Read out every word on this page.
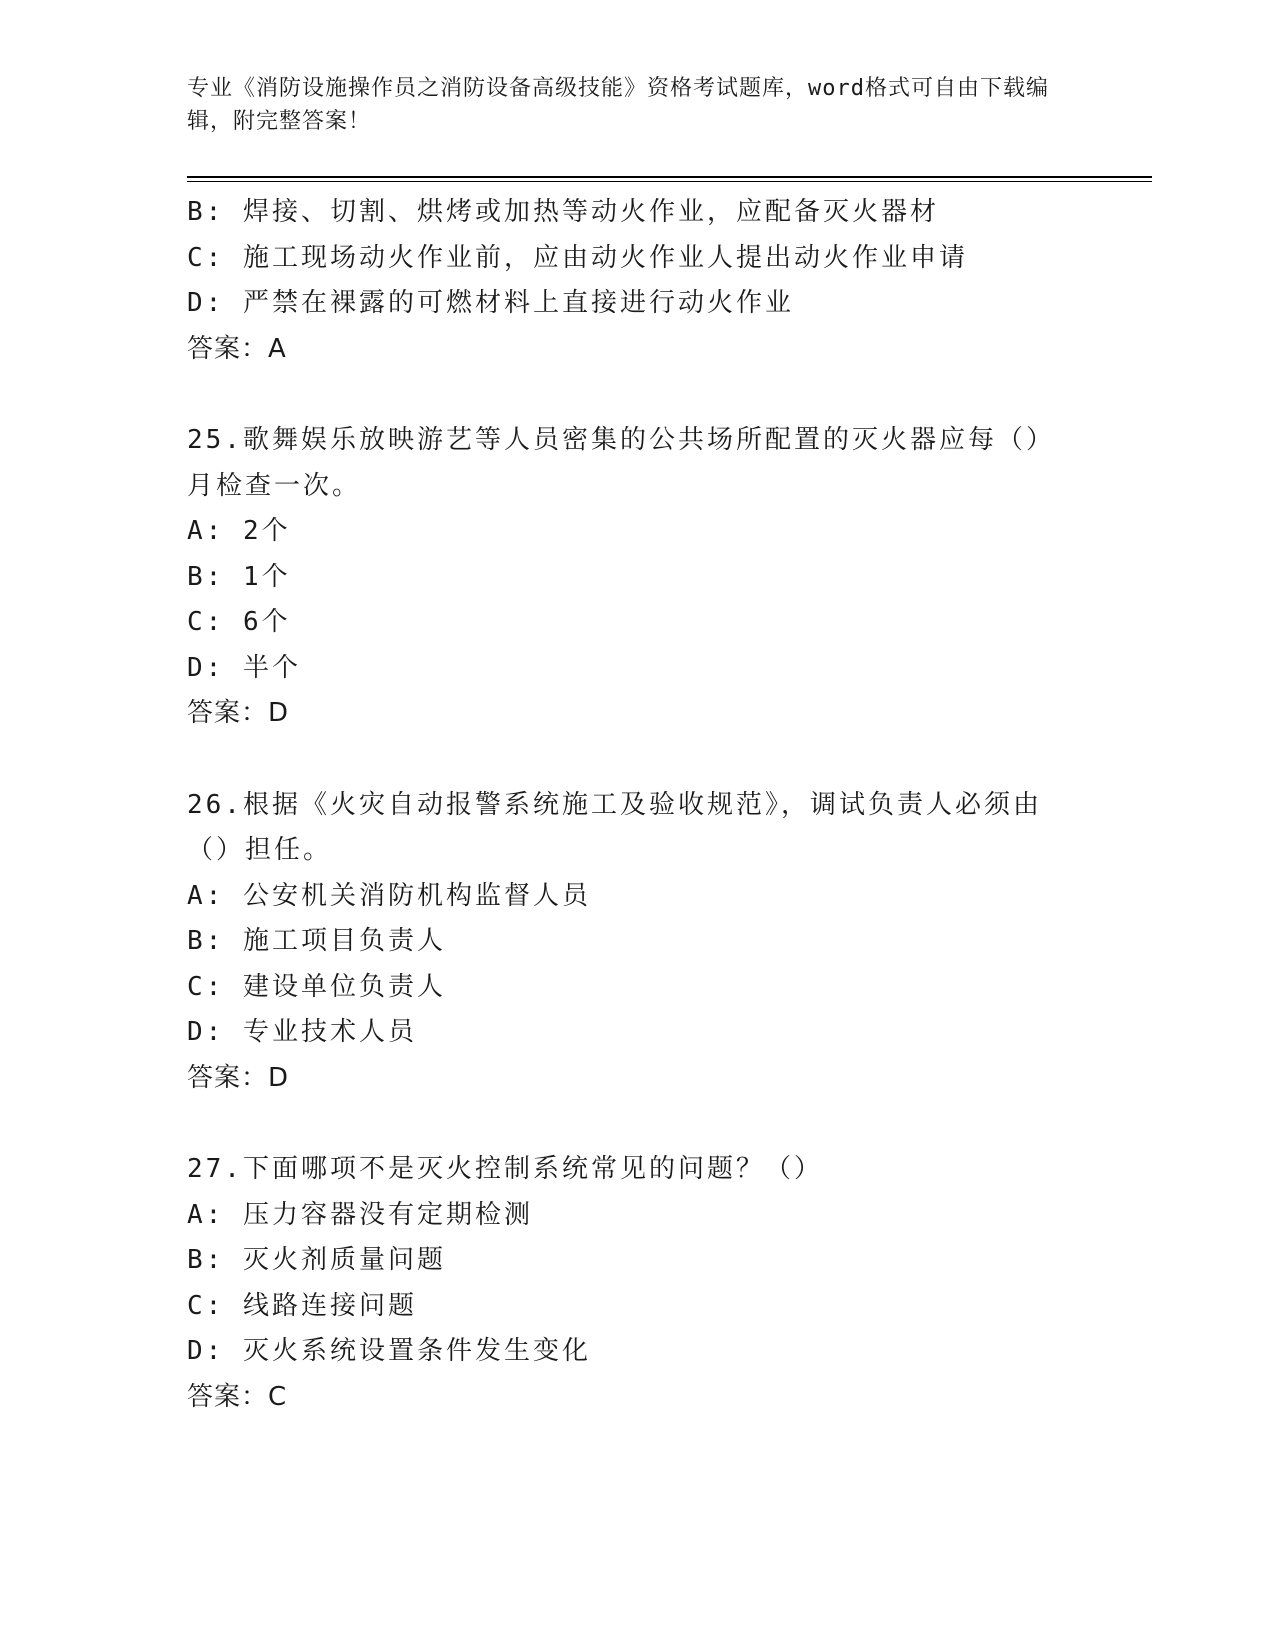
专业《消防设施操作员之消防设备高级技能》资格考试题库，word格式可自由下载编辑，附完整答案！
B: 焊接、切割、烘烤或加热等动火作业，应配备灭火器材
C: 施工现场动火作业前，应由动火作业人提出动火作业申请
D: 严禁在裸露的可燃材料上直接进行动火作业
答案：A
25.歌舞娱乐放映游艺等人员密集的公共场所配置的灭火器应每（）月检查一次。
A: 2个
B: 1个
C: 6个
D: 半个
答案：D
26.根据《火灾自动报警系统施工及验收规范》，调试负责人必须由（）担任。
A: 公安机关消防机构监督人员
B: 施工项目负责人
C: 建设单位负责人
D: 专业技术人员
答案：D
27.下面哪项不是灭火控制系统常见的问题？（）
A: 压力容器没有定期检测
B: 灭火剂质量问题
C: 线路连接问题
D: 灭火系统设置条件发生变化
答案：C
